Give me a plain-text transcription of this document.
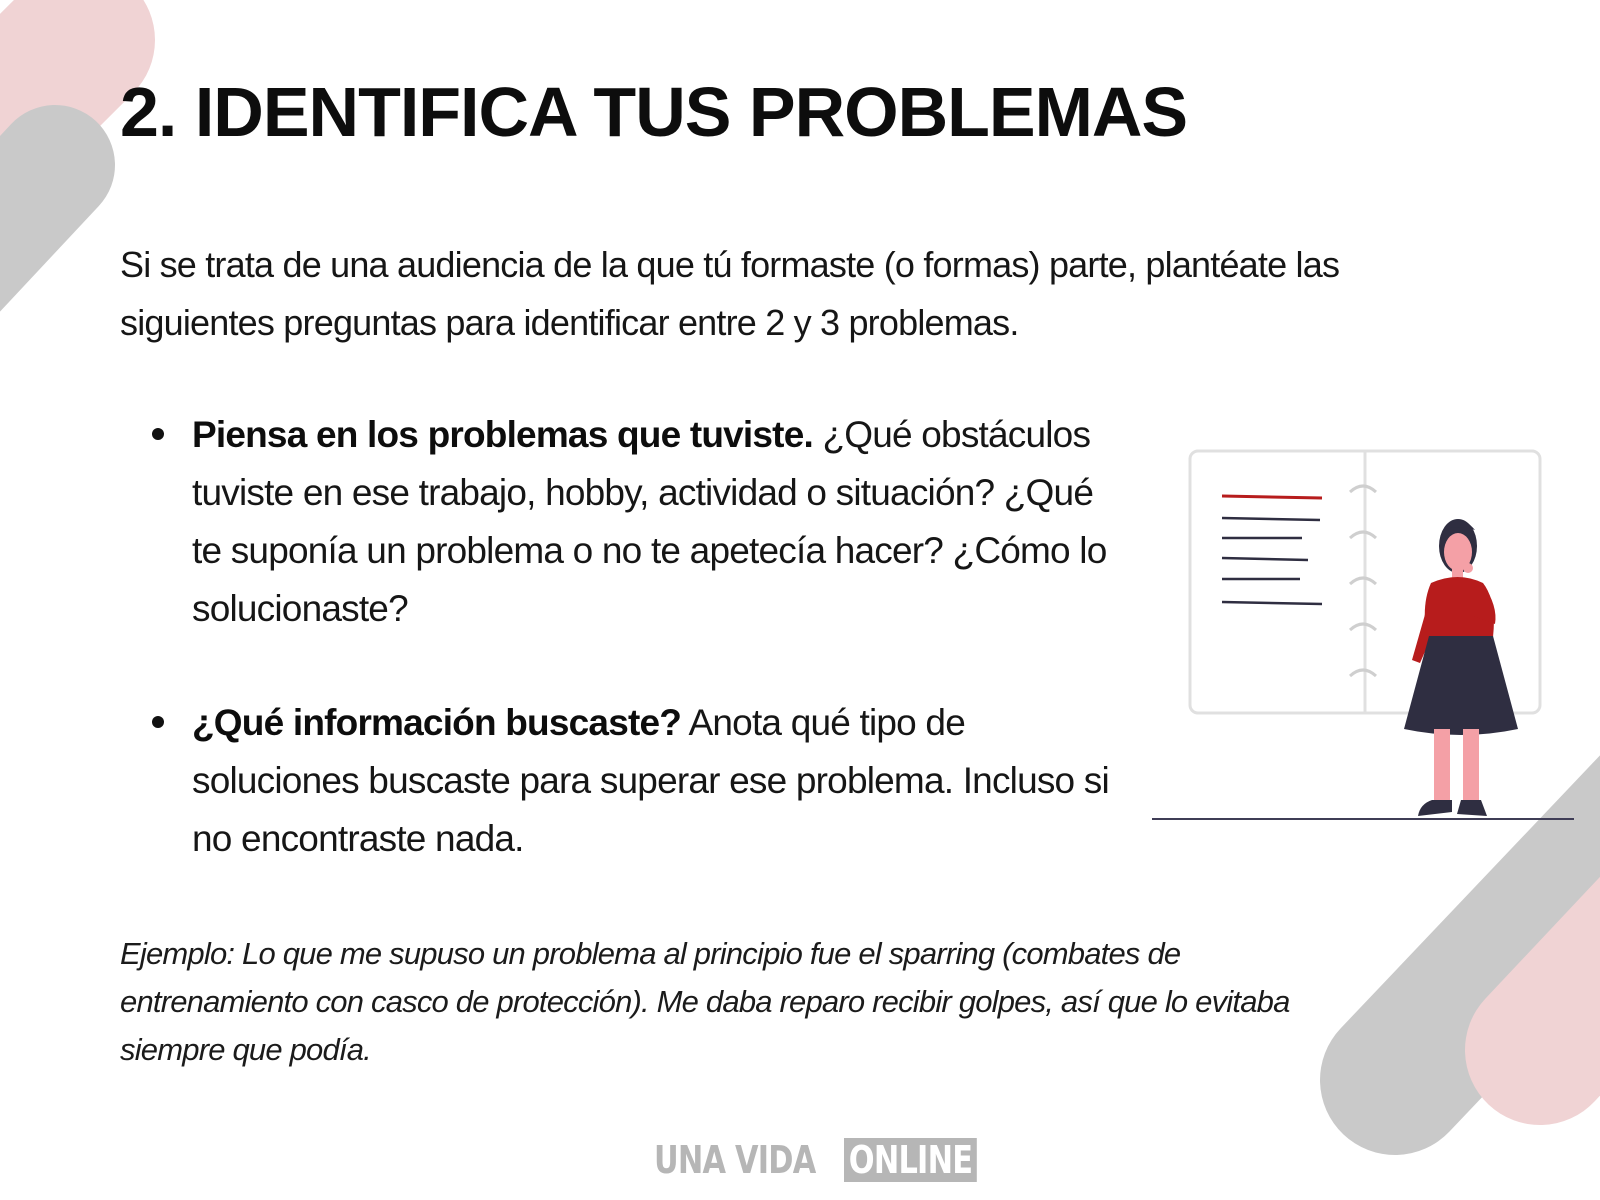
2. IDENTIFICA TUS PROBLEMAS

Si se trata de una audiencia de la que tú formaste (o formas) parte, plantéate las siguientes preguntas para identificar entre 2 y 3 problemas.

Piensa en los problemas que tuviste. ¿Qué obstáculos tuviste en ese trabajo, hobby, actividad o situación? ¿Qué te suponía un problema o no te apetecía hacer? ¿Cómo lo solucionaste?
¿Qué información buscaste? Anota qué tipo de soluciones buscaste para superar ese problema. Incluso si no encontraste nada.

Ejemplo: Lo que me supuso un problema al principio fue el sparring (combates de entrenamiento con casco de protección). Me daba reparo recibir golpes, así que lo evitaba siempre que podía.

UNA VIDA ONLINE
